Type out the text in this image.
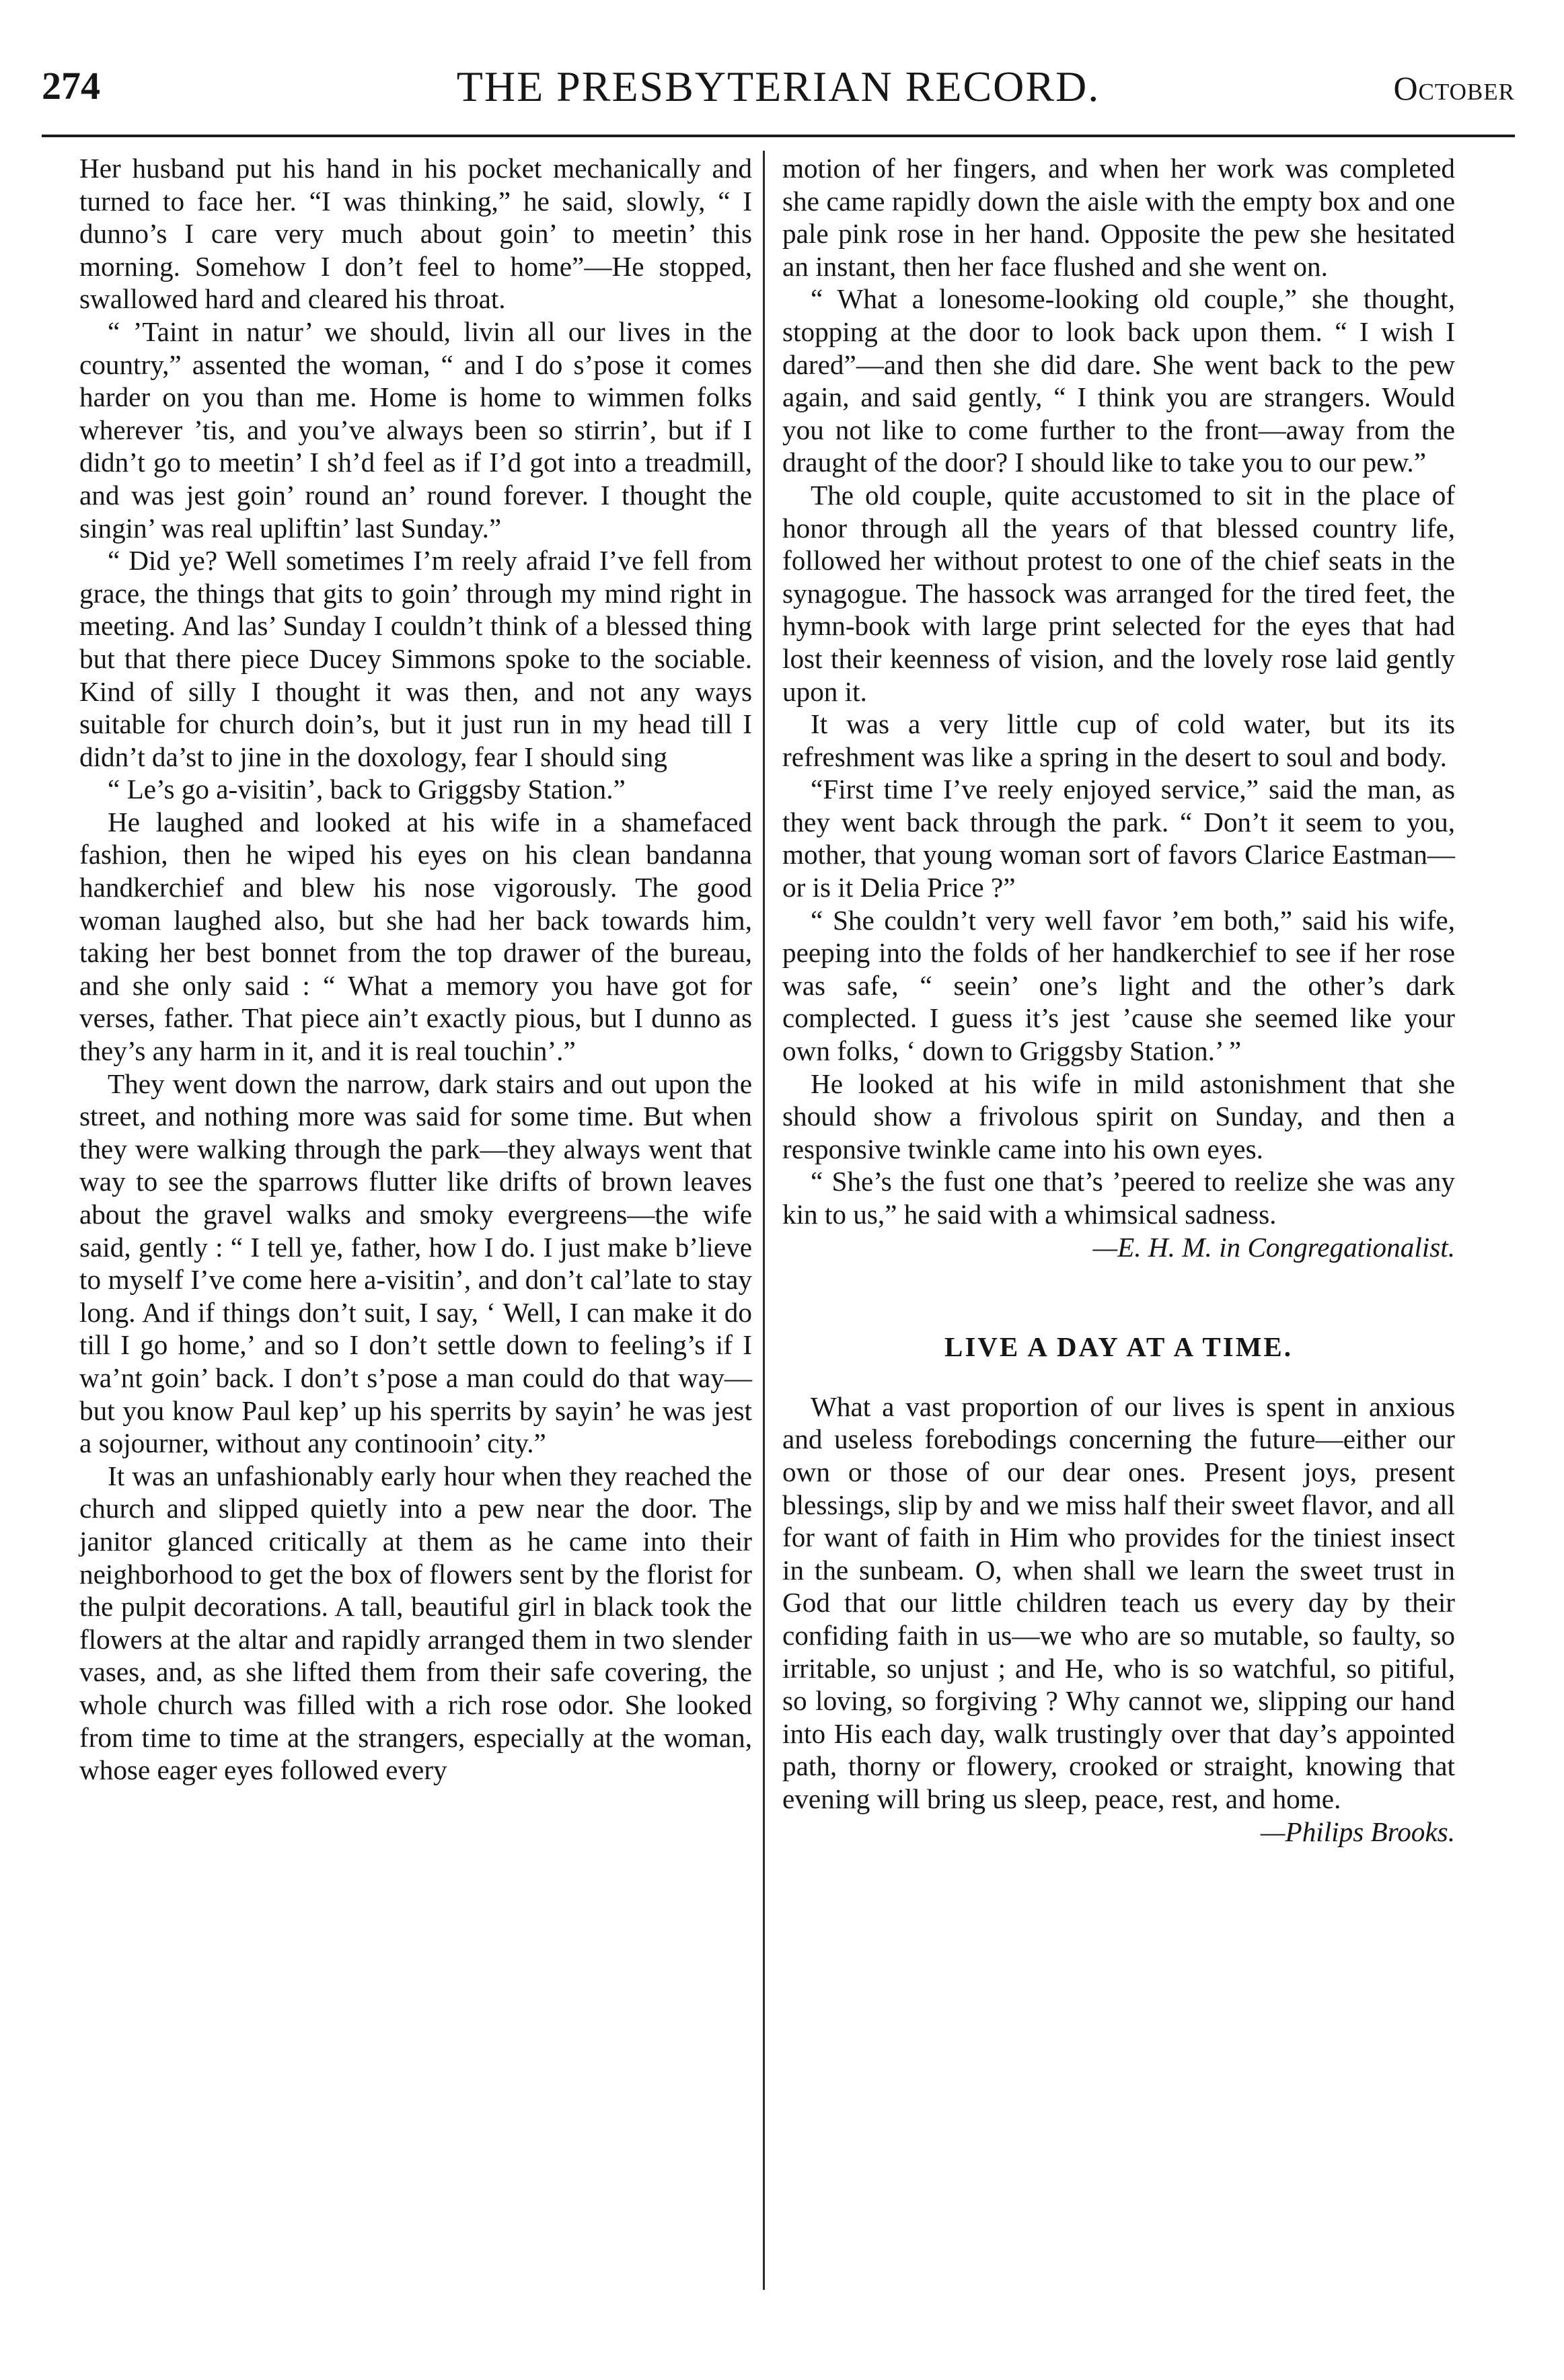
274	THE PRESBYTERIAN RECORD.	October

Her husband put his hand in his pocket mechanically and turned to face her. “I was thinking,” he said, slowly, “ I dunno’s I care very much about goin’ to meetin’ this morning. Somehow I don’t feel to home”—He stopped, swallowed hard and cleared his throat.

“ ’Taint in natur’ we should, livin all our lives in the country,” assented the woman, “ and I do s’pose it comes harder on you than me. Home is home to wimmen folks wherever ’tis, and you’ve always been so stirrin’, but if I didn’t go to meetin’ I sh’d feel as if I’d got into a treadmill, and was jest goin’ round an’ round forever. I thought the singin’ was real upliftin’ last Sunday.”

“ Did ye? Well sometimes I’m reely afraid I’ve fell from grace, the things that gits to goin’ through my mind right in meeting. And las’ Sunday I couldn’t think of a blessed thing but that there piece Ducey Simmons spoke to the sociable. Kind of silly I thought it was then, and not any ways suitable for church doin’s, but it just run in my head till I didn’t da’st to jine in the doxology, fear I should sing

“ Le’s go a-visitin’, back to Griggsby Station.”

He laughed and looked at his wife in a shamefaced fashion, then he wiped his eyes on his clean bandanna handkerchief and blew his nose vigorously. The good woman laughed also, but she had her back towards him, taking her best bonnet from the top drawer of the bureau, and she only said : “ What a memory you have got for verses, father. That piece ain’t exactly pious, but I dunno as they’s any harm in it, and it is real touchin’.”

They went down the narrow, dark stairs and out upon the street, and nothing more was said for some time. But when they were walking through the park—they always went that way to see the sparrows flutter like drifts of brown leaves about the gravel walks and smoky evergreens—the wife said, gently : “ I tell ye, father, how I do. I just make b’lieve to myself I’ve come here a-visitin’, and don’t cal’late to stay long. And if things don’t suit, I say, ‘ Well, I can make it do till I go home,’ and so I don’t settle down to feeling’s if I wa’nt goin’ back. I don’t s’pose a man could do that way—but you know Paul kep’ up his sperrits by sayin’ he was jest a sojourner, without any continooin’ city.”

It was an unfashionably early hour when they reached the church and slipped quietly into a pew near the door. The janitor glanced critically at them as he came into their neighborhood to get the box of flowers sent by the florist for the pulpit decorations. A tall, beautiful girl in black took the flowers at the altar and rapidly arranged them in two slender vases, and, as she lifted them from their safe covering, the whole church was filled with a rich rose odor. She looked from time to time at the strangers, especially at the woman, whose eager eyes followed every

motion of her fingers, and when her work was completed she came rapidly down the aisle with the empty box and one pale pink rose in her hand. Opposite the pew she hesitated an instant, then her face flushed and she went on.

“ What a lonesome-looking old couple,” she thought, stopping at the door to look back upon them. “ I wish I dared”—and then she did dare. She went back to the pew again, and said gently, “ I think you are strangers. Would you not like to come further to the front—away from the draught of the door? I should like to take you to our pew.”

The old couple, quite accustomed to sit in the place of honor through all the years of that blessed country life, followed her without protest to one of the chief seats in the synagogue. The hassock was arranged for the tired feet, the hymn-book with large print selected for the eyes that had lost their keenness of vision, and the lovely rose laid gently upon it.

It was a very little cup of cold water, but its its refreshment was like a spring in the desert to soul and body.

“First time I’ve reely enjoyed service,” said the man, as they went back through the park. “ Don’t it seem to you, mother, that young woman sort of favors Clarice Eastman—or is it Delia Price ?”

“ She couldn’t very well favor ’em both,” said his wife, peeping into the folds of her handkerchief to see if her rose was safe, “ seein’ one’s light and the other’s dark complected. I guess it’s jest ’cause she seemed like your own folks, ‘ down to Griggsby Station.’ ”

He looked at his wife in mild astonishment that she should show a frivolous spirit on Sunday, and then a responsive twinkle came into his own eyes.

“ She’s the fust one that’s ’peered to reelize she was any kin to us,” he said with a whimsical sadness.

—E. H. M. in Congregationalist.

LIVE A DAY AT A TIME.

What a vast proportion of our lives is spent in anxious and useless forebodings concerning the future—either our own or those of our dear ones. Present joys, present blessings, slip by and we miss half their sweet flavor, and all for want of faith in Him who provides for the tiniest insect in the sunbeam. O, when shall we learn the sweet trust in God that our little children teach us every day by their confiding faith in us—we who are so mutable, so faulty, so irritable, so unjust ; and He, who is so watchful, so pitiful, so loving, so forgiving ? Why cannot we, slipping our hand into His each day, walk trustingly over that day’s appointed path, thorny or flowery, crooked or straight, knowing that evening will bring us sleep, peace, rest, and home.

—Philips Brooks.
